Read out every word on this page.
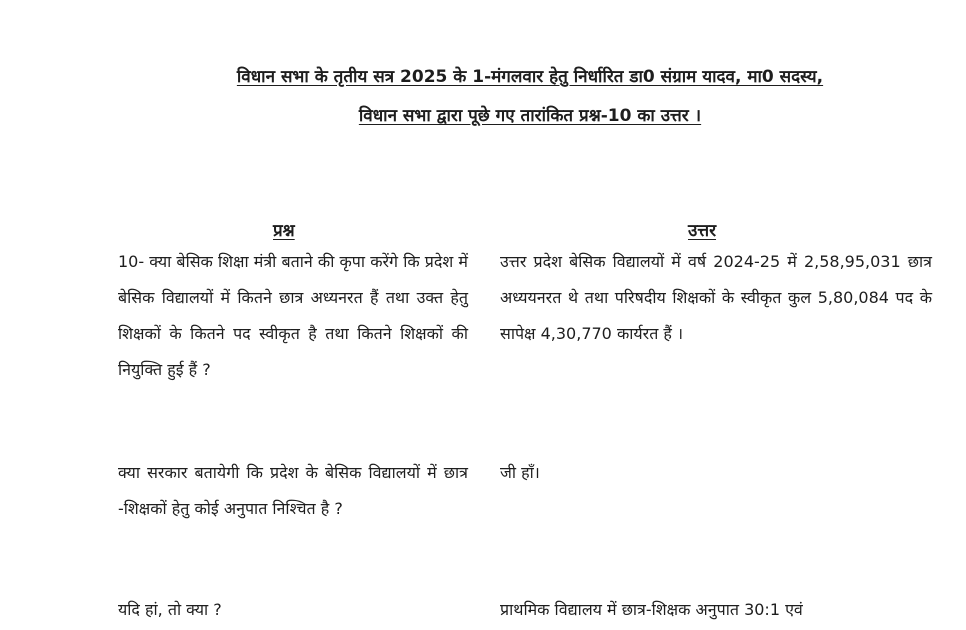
विधान सभा के तृतीय सत्र 2025 के 1-मंगलवार हेतु निर्धारित डा0 संग्राम यादव, मा0 सदस्य,
विधान सभा द्वारा पूछे गए तारांकित प्रश्न-10 का उत्तर ।
प्रश्न	उत्तर
10- क्या बेसिक शिक्षा मंत्री बताने की कृपा करेंगे कि प्रदेश में बेसिक विद्यालयों में कितने छात्र अध्यनरत हैं तथा उक्त हेतु शिक्षकों के कितने पद स्वीकृत है तथा कितने शिक्षकों की नियुक्ति हुई हैं ?
उत्तर प्रदेश बेसिक विद्यालयों में वर्ष 2024-25 में 2,58,95,031 छात्र अध्ययनरत थे तथा परिषदीय शिक्षकों के स्वीकृत कुल 5,80,084 पद के सापेक्ष 4,30,770 कार्यरत हैं ।
क्या सरकार बतायेगी कि प्रदेश के बेसिक विद्यालयों में छात्र -शिक्षकों हेतु कोई अनुपात निश्चित है ?
जी हाँ।
यदि हां, तो क्या ?	प्राथमिक विद्यालय में छात्र-शिक्षक अनुपात 30:1 एवं
